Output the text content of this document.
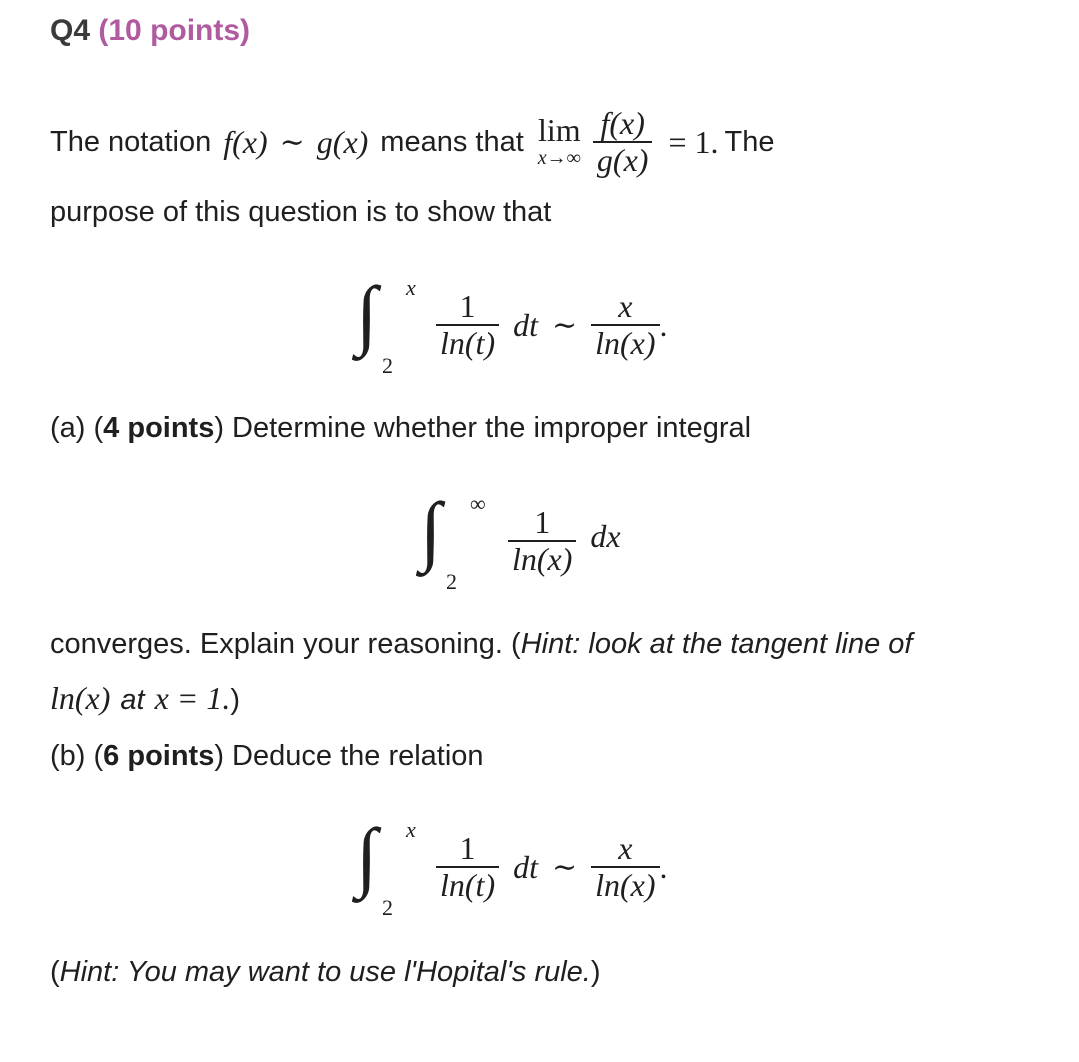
Q4 (10 points)
The notation f(x) ∼ g(x) means that lim
$x\to\infty \frac{f(x)}{g(x)} = 1$. The
purpose of this question is to show that
∫ x
2
$\frac{1}{\ln(t)}$ dt ∼ $\frac{x}{\ln(x)}$ .
(a) (4 points) Determine whether the improper integral
∫ ∞
2
$\frac{1}{\ln(x)}$ dx
converges. Explain your reasoning. (Hint: look at the tangent line of
ln(x) at x = 1. )
(b) (6 points) Deduce the relation
∫ x
2
$\frac{1}{\ln(t)}$ dt ∼ $\frac{x}{\ln(x)}$ .
(Hint: You may want to use l'Hopital's rule.)
